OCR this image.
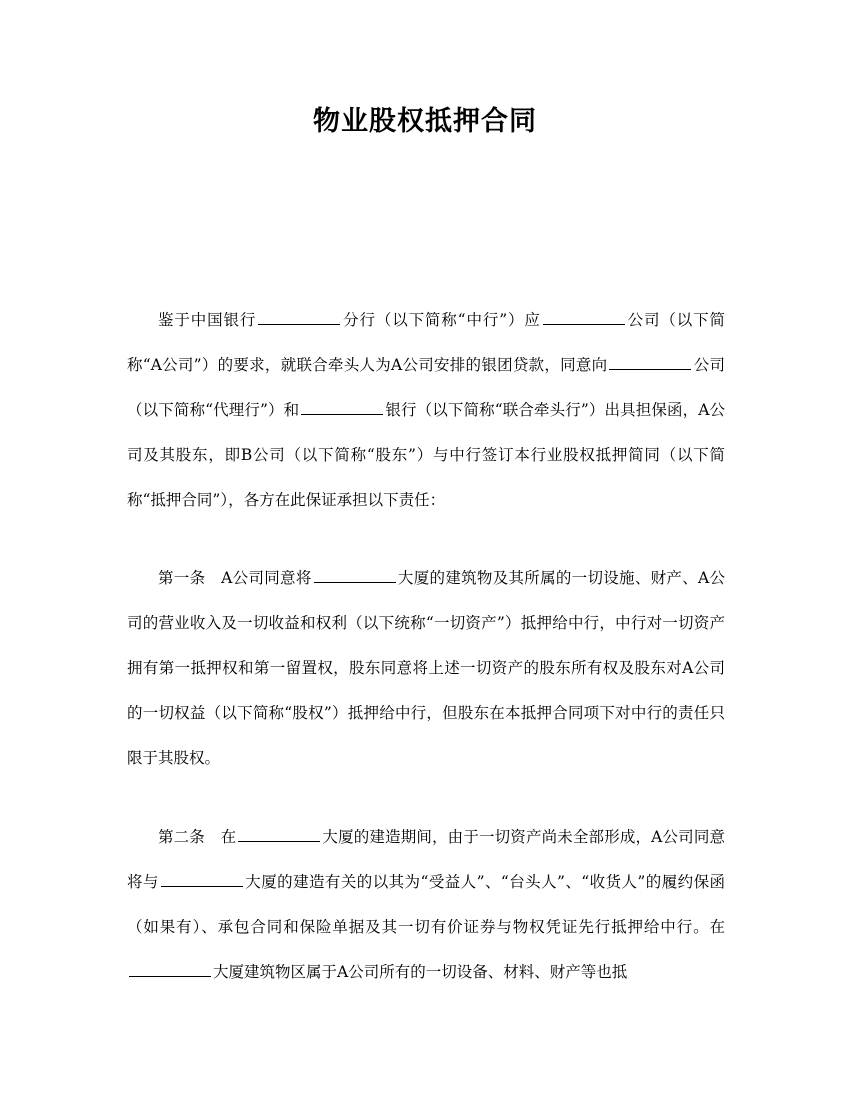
物业股权抵押合同

鉴于中国银行	分行（以下简称“中行”）应	公司（以下简称“A公司”）的要求，就联合牵头人为A公司安排的银团贷款，同意向	公司（以下简称“代理行”）和	银行（以下简称“联合牵头行”）出具担保函，A公司及其股东，即B公司（以下简称“股东”）与中行签订本行业股权抵押简同（以下简称“抵押合同”），各方在此保证承担以下责任：

第一条　A公司同意将	大厦的建筑物及其所属的一切设施、财产、A公司的营业收入及一切收益和权利（以下统称“一切资产”）抵押给中行，中行对一切资产拥有第一抵押权和第一留置权，股东同意将上述一切资产的股东所有权及股东对A公司的一切权益（以下简称“股权”）抵押给中行，但股东在本抵押合同项下对中行的责任只限于其股权。

第二条　在	大厦的建造期间，由于一切资产尚未全部形成，A公司同意将与	大厦的建造有关的以其为“受益人”、“台头人”、“收货人”的履约保函（如果有）、承包合同和保险单据及其一切有价证券与物权凭证先行抵押给中行。在大厦建筑物区属于A公司所有的一切设备、材料、财产等也抵
